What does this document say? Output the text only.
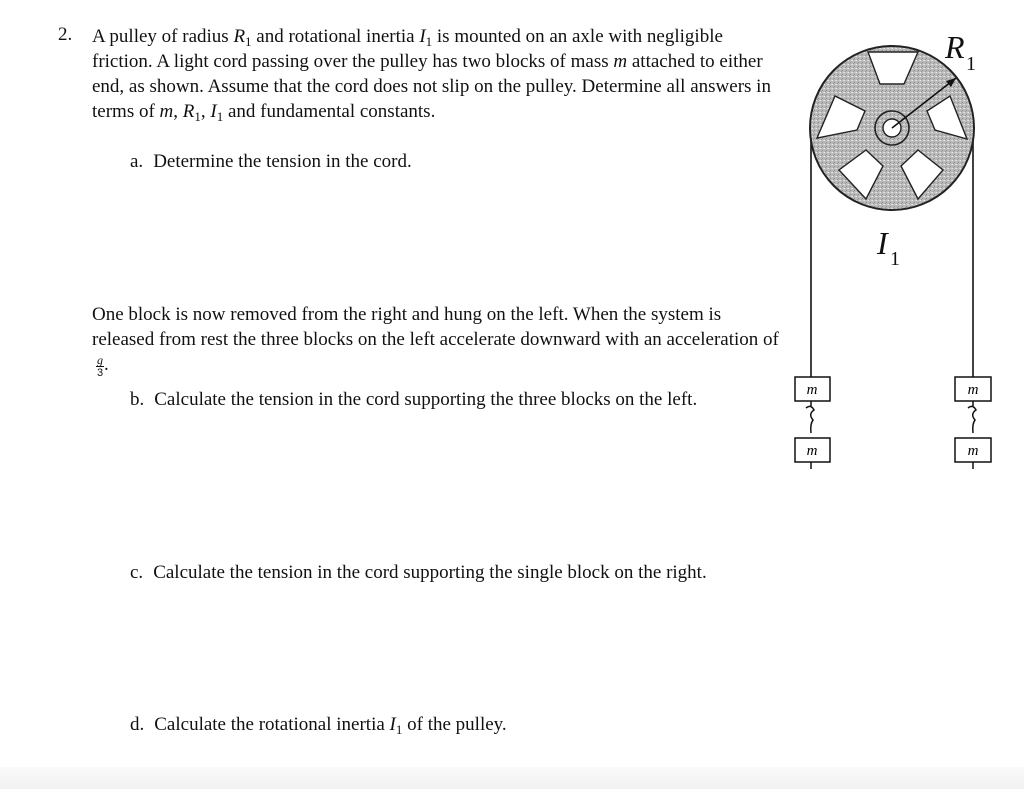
2. A pulley of radius $R_1$ and rotational inertia $I_1$ is mounted on an axle with negligible friction. A light cord passing over the pulley has two blocks of mass m attached to either end, as shown. Assume that the cord does not slip on the pulley. Determine all answers in terms of m, $R_1$, $I_1$ and fundamental constants.
a. Determine the tension in the cord.
One block is now removed from the right and hung on the left. When the system is released from rest the three blocks on the left accelerate downward with an acceleration of
$\frac{g}{3}$ .
b. Calculate the tension in the cord supporting the three blocks on the left.
c. Calculate the tension in the cord supporting the single block on the right.
d. Calculate the rotational inertia $I_1$ of the pulley.
R 1
I 1
m
m
m
m
